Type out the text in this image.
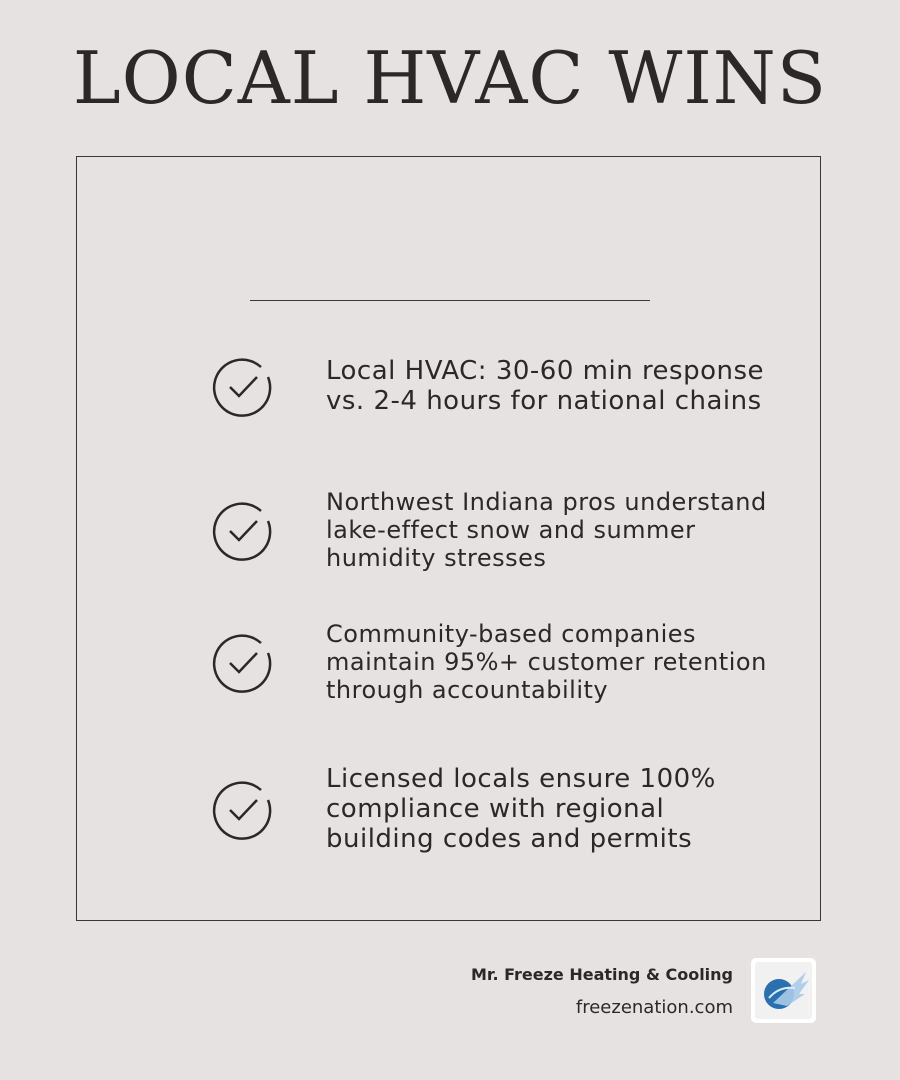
LOCAL HVAC WINS
Local HVAC: 30-60 min response vs. 2-4 hours for national chains
Northwest Indiana pros understand lake-effect snow and summer humidity stresses
Community-based companies maintain 95%+ customer retention through accountability
Licensed locals ensure 100% compliance with regional building codes and permits
Mr. Freeze Heating & Cooling
freezenation.com
